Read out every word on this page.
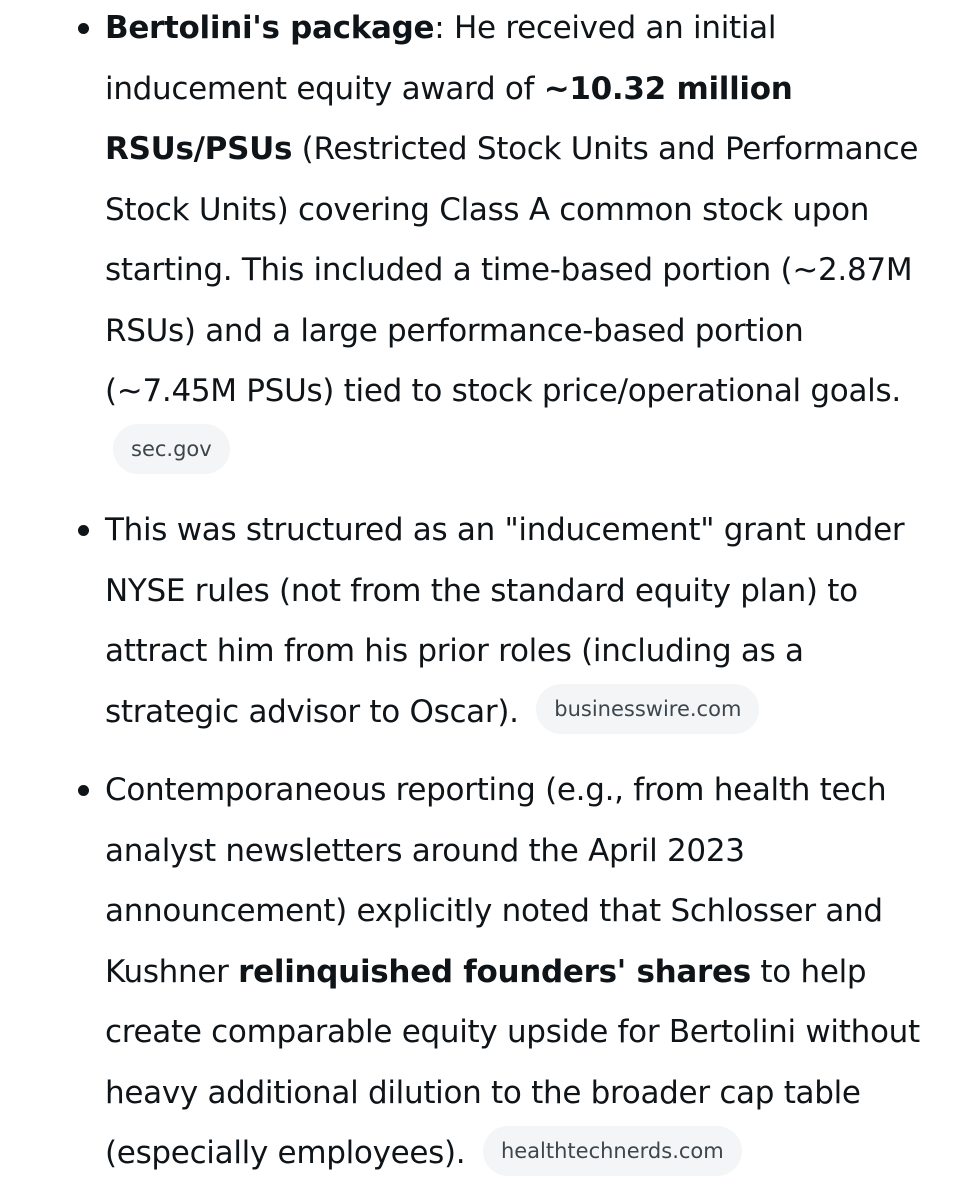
Bertolini's package: He received an initial inducement equity award of ~10.32 million RSUs/PSUs (Restricted Stock Units and Performance Stock Units) covering Class A common stock upon starting. This included a time-based portion (~2.87M RSUs) and a large performance-based portion (~7.45M PSUs) tied to stock price/operational goals. sec.gov
This was structured as an "inducement" grant under NYSE rules (not from the standard equity plan) to attract him from his prior roles (including as a strategic advisor to Oscar). businesswire.com
Contemporaneous reporting (e.g., from health tech analyst newsletters around the April 2023 announcement) explicitly noted that Schlosser and Kushner relinquished founders' shares to help create comparable equity upside for Bertolini without heavy additional dilution to the broader cap table (especially employees). healthtechnerds.com
